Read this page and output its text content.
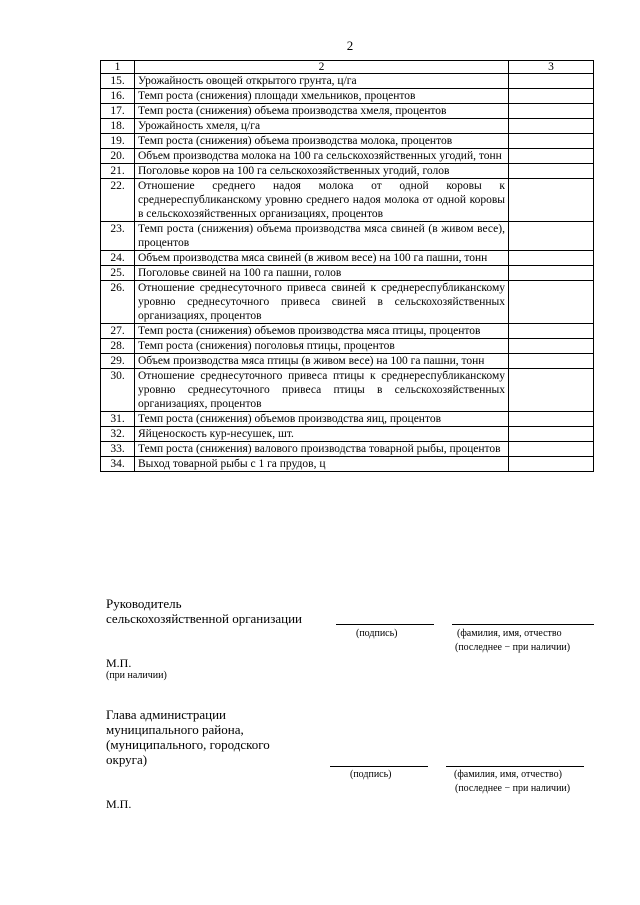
2
1	2	3
15.	Урожайность овощей открытого грунта, ц/га	
16.	Темп роста (снижения) площади хмельников, процентов	
17.	Темп роста (снижения) объема производства хмеля, процентов	
18.	Урожайность хмеля, ц/га	
19.	Темп роста (снижения) объема производства молока, процентов	
20.	Объем производства молока на 100 га сельскохозяйственных угодий, тонн	
21.	Поголовье коров на 100 га сельскохозяйственных угодий, голов	
22.	Отношение среднего надоя молока от одной коровы к среднереспубликанскому уровню среднего надоя молока от одной коровы в сельскохозяйственных организациях, процентов	
23.	Темп роста (снижения) объема производства мяса свиней (в живом весе), процентов	
24.	Объем производства мяса свиней (в живом весе) на 100 га пашни, тонн	
25.	Поголовье свиней на 100 га пашни, голов	
26.	Отношение среднесуточного привеса свиней к среднереспубликанскому уровню среднесуточного привеса свиней в сельскохозяйственных организациях, процентов	
27.	Темп роста (снижения) объемов производства мяса птицы, процентов	
28.	Темп роста (снижения) поголовья птицы, процентов	
29.	Объем производства мяса птицы (в живом весе) на 100 га пашни, тонн	
30.	Отношение среднесуточного привеса птицы к среднереспубликанскому уровню среднесуточного привеса птицы в сельскохозяйственных организациях, процентов	
31.	Темп роста (снижения) объемов производства яиц, процентов	
32.	Яйценоскость кур-несушек, шт.	
33.	Темп роста (снижения) валового производства товарной рыбы, процентов	
34.	Выход товарной рыбы с 1 га прудов, ц	
Руководитель
сельскохозяйственной организации
(подпись)	(фамилия, имя, отчество
(последнее − при наличии)
М.П.
(при наличии)
Глава администрации
муниципального района,
(муниципального, городского
округа)
(подпись)	(фамилия, имя, отчество)
(последнее − при наличии)
М.П.
